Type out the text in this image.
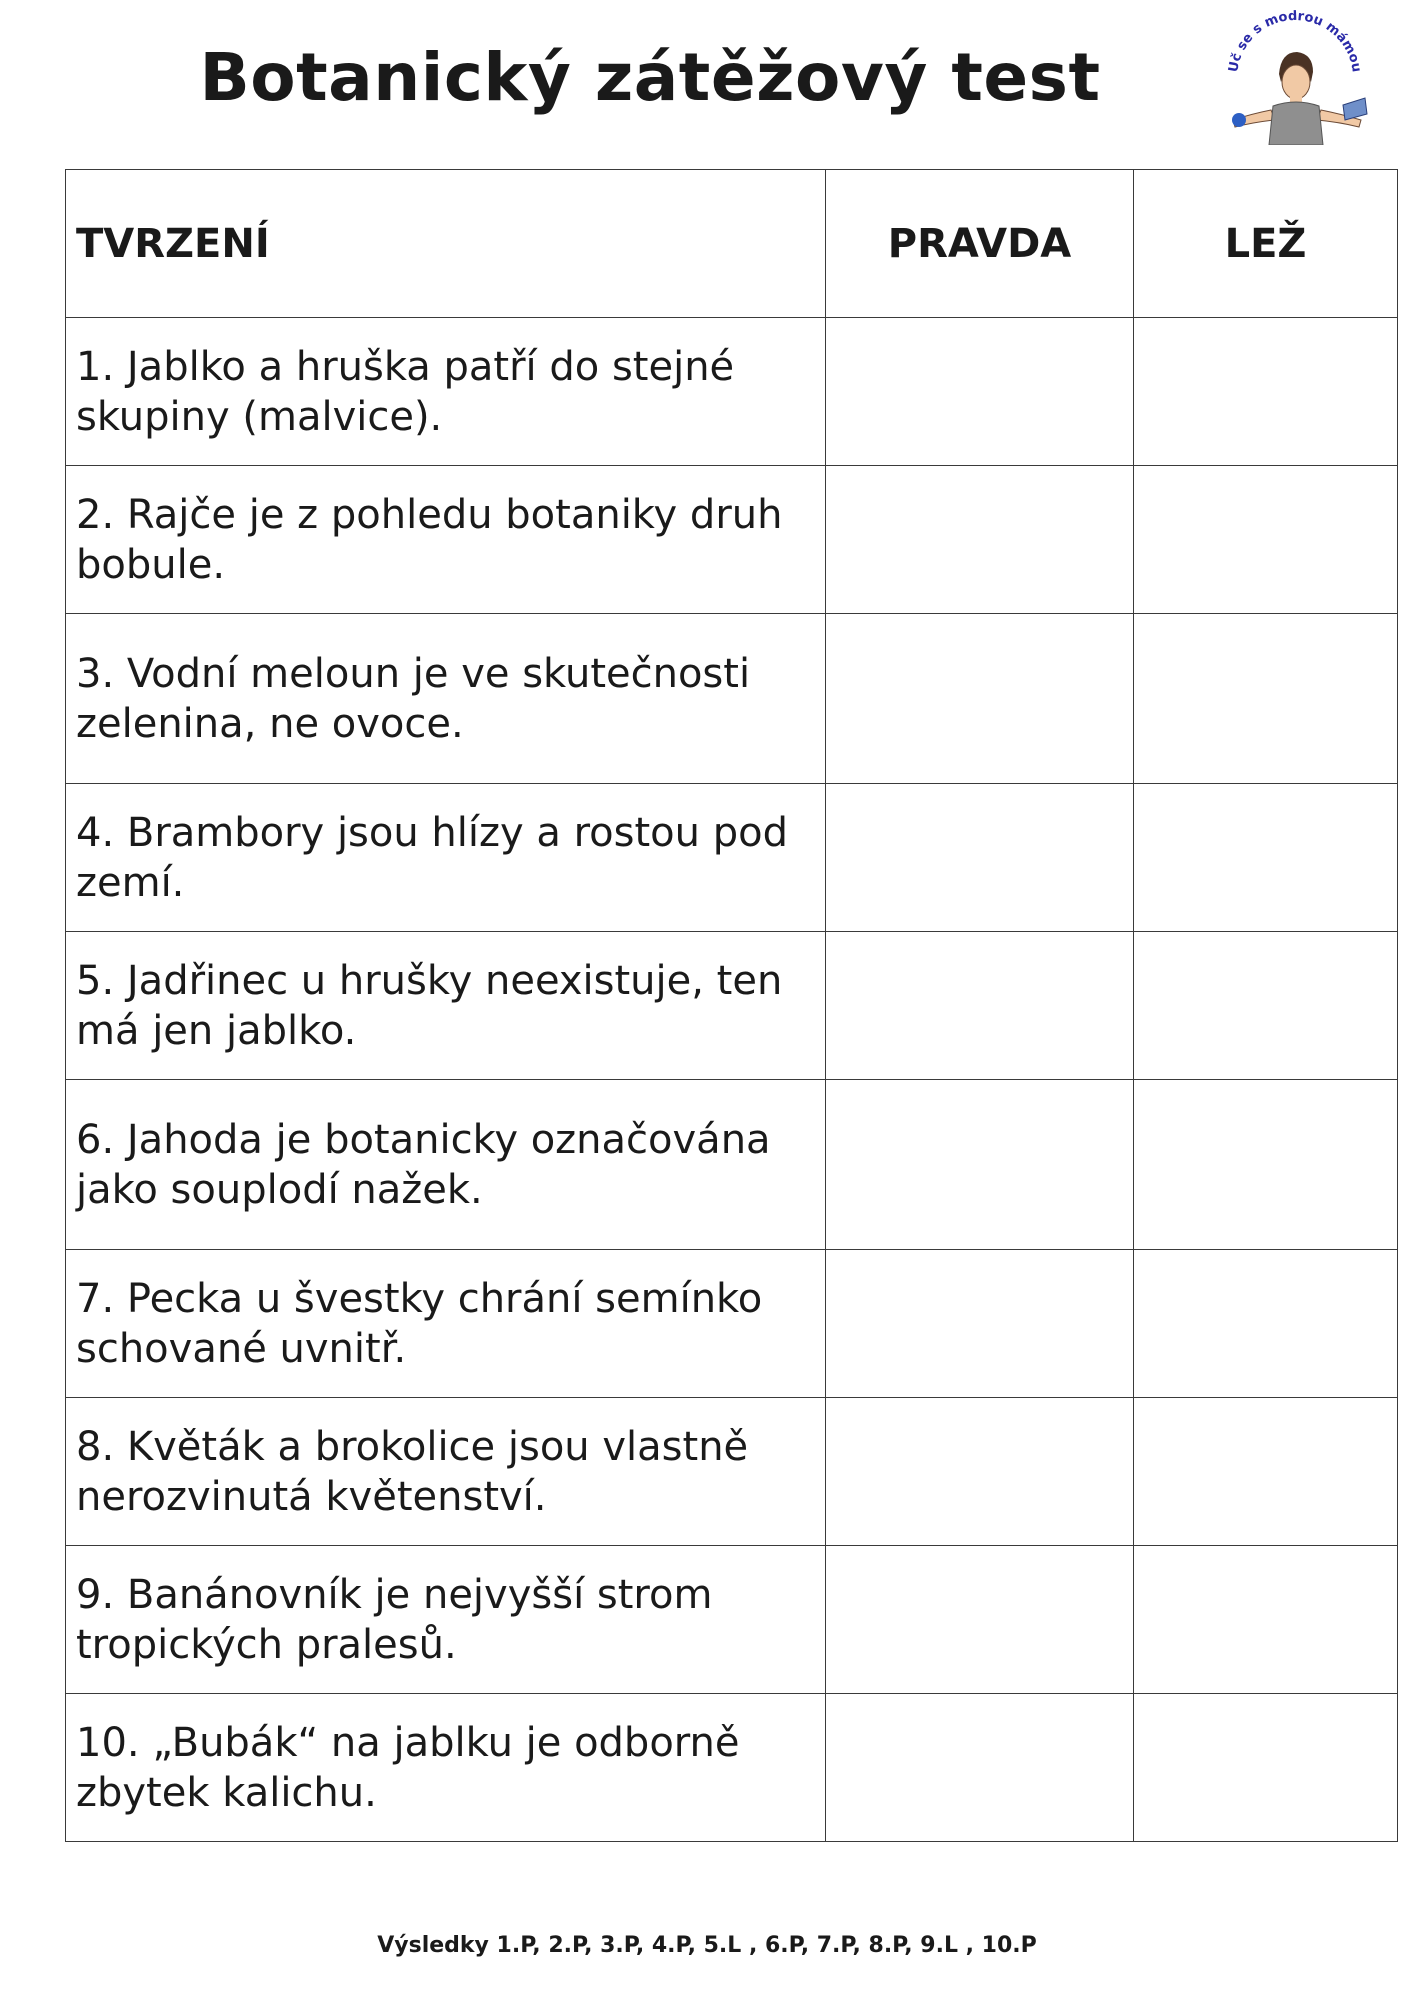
Botanický zátěžový test	Uč se s modrou mámou
TVRZENÍ	PRAVDA	LEŽ
1. Jablko a hruška patří do stejné skupiny (malvice).		
2. Rajče je z pohledu botaniky druh bobule.		
3. Vodní meloun je ve skutečnosti zelenina, ne ovoce.		
4. Brambory jsou hlízy a rostou pod zemí.		
5. Jadřinec u hrušky neexistuje, ten má jen jablko.		
6. Jahoda je botanicky označována jako souplodí nažek.		
7. Pecka u švestky chrání semínko schované uvnitř.		
8. Květák a brokolice jsou vlastně nerozvinutá květenství.		
9. Banánovník je nejvyšší strom tropických pralesů.		
10. „Bubák“ na jablku je odborně zbytek kalichu.		

Výsledky 1.P, 2.P, 3.P, 4.P, 5.L , 6.P, 7.P, 8.P, 9.L , 10.P
